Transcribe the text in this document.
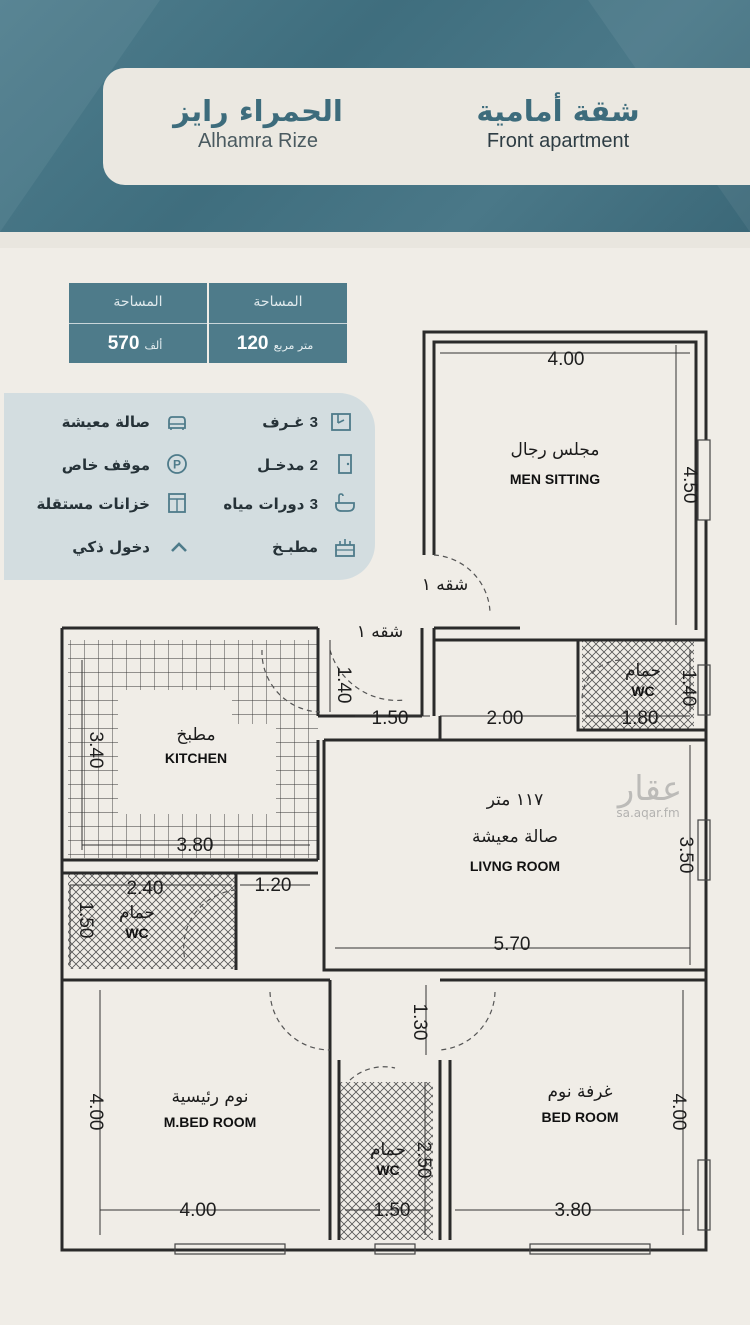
الحمراء رايز
Alhamra Rize
شقة أمامية
Front apartment
المساحة
ألف 570
المساحة
متر مربع 120
3 غـرف
2 مدخـل
3 دورات مياه
مطبـخ
صالة معيشة
موقف خاص
خزانات مستقلة
دخول ذكي
P
مجلس رجال
MEN SITTING
شقه ١
شقه ١
مطبخ
KITCHEN
حمام
WC
١١٧ متر
صالة معيشة
LIVNG ROOM
حمام
WC
نوم رئيسية
M.BED ROOM
غرفة نوم
BED ROOM
حمام
WC
4.00
4.50
2.00
1.50
1.40
1.80
1.40
3.40
3.80	3.50
5.70
2.40
1.50
1.20
1.30
4.00
4.00
2.50
1.50	3.80
4.00
عقار
sa.aqar.fm
